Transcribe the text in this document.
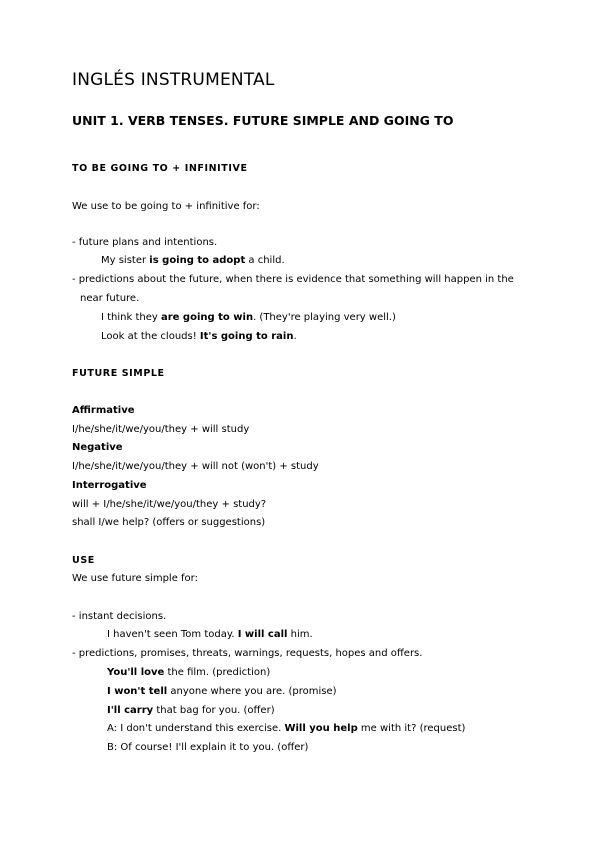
INGLÉS INSTRUMENTAL
UNIT 1. VERB TENSES. FUTURE SIMPLE AND GOING TO
TO BE GOING TO + INFINITIVE
We use to be going to + infinitive for:
- future plans and intentions.
My sister is going to adopt a child.
- predictions about the future, when there is evidence that something will happen in the
near future.
I think they are going to win. (They're playing very well.)
Look at the clouds! It's going to rain.
FUTURE SIMPLE
Affirmative
I/he/she/it/we/you/they + will study
Negative
I/he/she/it/we/you/they + will not (won't) + study
Interrogative
will + I/he/she/it/we/you/they + study?
shall I/we help? (offers or suggestions)
USE
We use future simple for:
- instant decisions.
I haven't seen Tom today. I will call him.
- predictions, promises, threats, warnings, requests, hopes and offers.
You'll love the film. (prediction)
I won't tell anyone where you are. (promise)
I'll carry that bag for you. (offer)
A: I don't understand this exercise. Will you help me with it? (request)
B: Of course! I'll explain it to you. (offer)
